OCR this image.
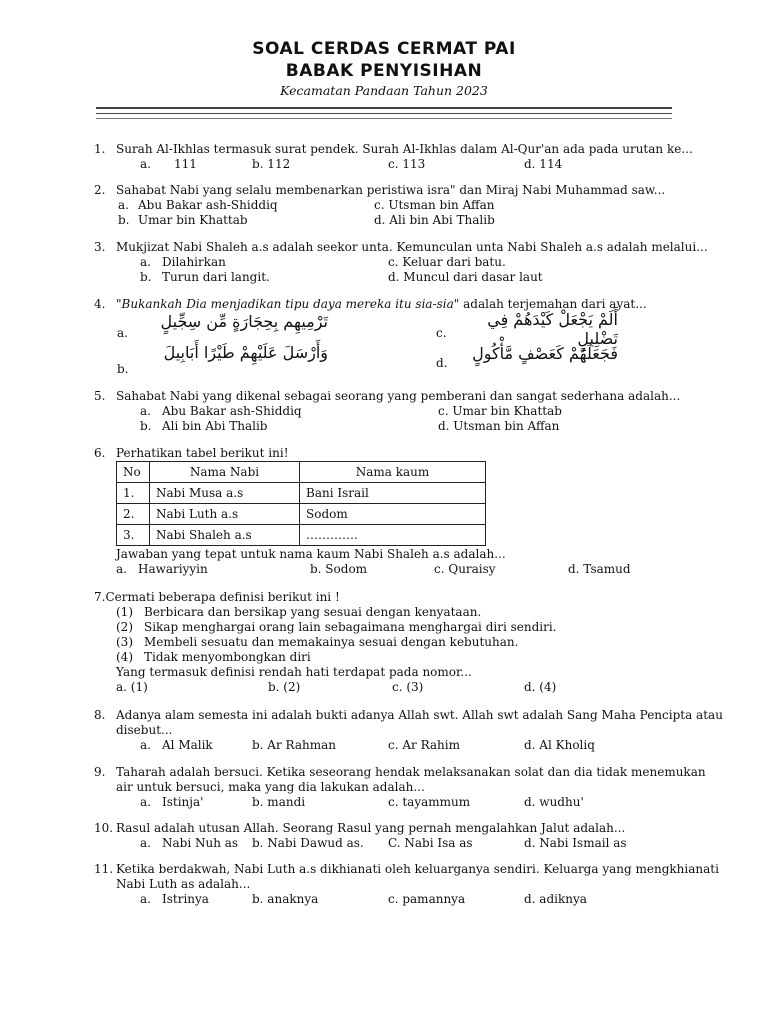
SOAL CERDAS CERMAT PAI
BABAK PENYISIHAN
Kecamatan Pandaan Tahun 2023
1. Surah Al-Ikhlas termasuk surat pendek. Surah Al-Ikhlas dalam Al-Qur'an ada pada urutan ke...
a. 111	b. 112	c. 113	d. 114
2. Sahabat Nabi yang selalu membenarkan peristiwa isra" dan Miraj Nabi Muhammad saw...
a. Abu Bakar ash-Shiddiq	c. Utsman bin Affan
b. Umar bin Khattab	d. Ali bin Abi Thalib
3. Mukjizat Nabi Shaleh a.s adalah seekor unta. Kemunculan unta Nabi Shaleh a.s adalah melalui...
a. Dilahirkan	c. Keluar dari batu.
b. Turun dari langit.	d. Muncul dari dasar laut
4. "Bukankah Dia menjadikan tipu daya mereka itu sia-sia" adalah terjemahan dari ayat...
a.
تَرْمِيهِم بِحِجَارَةٍ مِّن سِجِّيلٍ
c.
أَلَمْ يَجْعَلْ كَيْدَهُمْ فِي تَضْلِيلٍ
b.
وَأَرْسَلَ عَلَيْهِمْ طَيْرًا أَبَابِيلَ
d.	فَجَعَلَهُمْ كَعَصْفٍ مَّأْكُولٍ
5. Sahabat Nabi yang dikenal sebagai seorang yang pemberani dan sangat sederhana adalah...
a. Abu Bakar ash-Shiddiq	c. Umar bin Khattab
b. Ali bin Abi Thalib	d. Utsman bin Affan
6. Perhatikan tabel berikut ini!
No	Nama Nabi	Nama kaum
1.	Nabi Musa a.s	Bani Israil
2.	Nabi Luth a.s	Sodom
3.	Nabi Shaleh a.s	………….
Jawaban yang tepat untuk nama kaum Nabi Shaleh a.s adalah...
a. Hawariyyin	b. Sodom	c. Quraisy	d. Tsamud
7.Cermati beberapa definisi berikut ini !
(1) Berbicara dan bersikap yang sesuai dengan kenyataan.
(2) Sikap menghargai orang lain sebagaimana menghargai diri sendiri.
(3) Membeli sesuatu dan memakainya sesuai dengan kebutuhan.
(4) Tidak menyombongkan diri
Yang termasuk definisi rendah hati terdapat pada nomor...
a. (1)	b. (2)	c. (3)	d. (4)
8. Adanya alam semesta ini adalah bukti adanya Allah swt. Allah swt adalah Sang Maha Pencipta atau
disebut...
a. Al Malik	b. Ar Rahman	c. Ar Rahim	d. Al Kholiq
9. Taharah adalah bersuci. Ketika seseorang hendak melaksanakan solat dan dia tidak menemukan
air untuk bersuci, maka yang dia lakukan adalah...
a. Istinja'	b. mandi	c. tayammum	d. wudhu'
10. Rasul adalah utusan Allah. Seorang Rasul yang pernah mengalahkan Jalut adalah...
a. Nabi Nuh as b. Nabi Dawud as. C. Nabi Isa as	d. Nabi Ismail as
11. Ketika berdakwah, Nabi Luth a.s dikhianati oleh keluarganya sendiri. Keluarga yang mengkhianati
Nabi Luth as adalah...
a. Istrinya	b. anaknya	c. pamannya	d. adiknya
